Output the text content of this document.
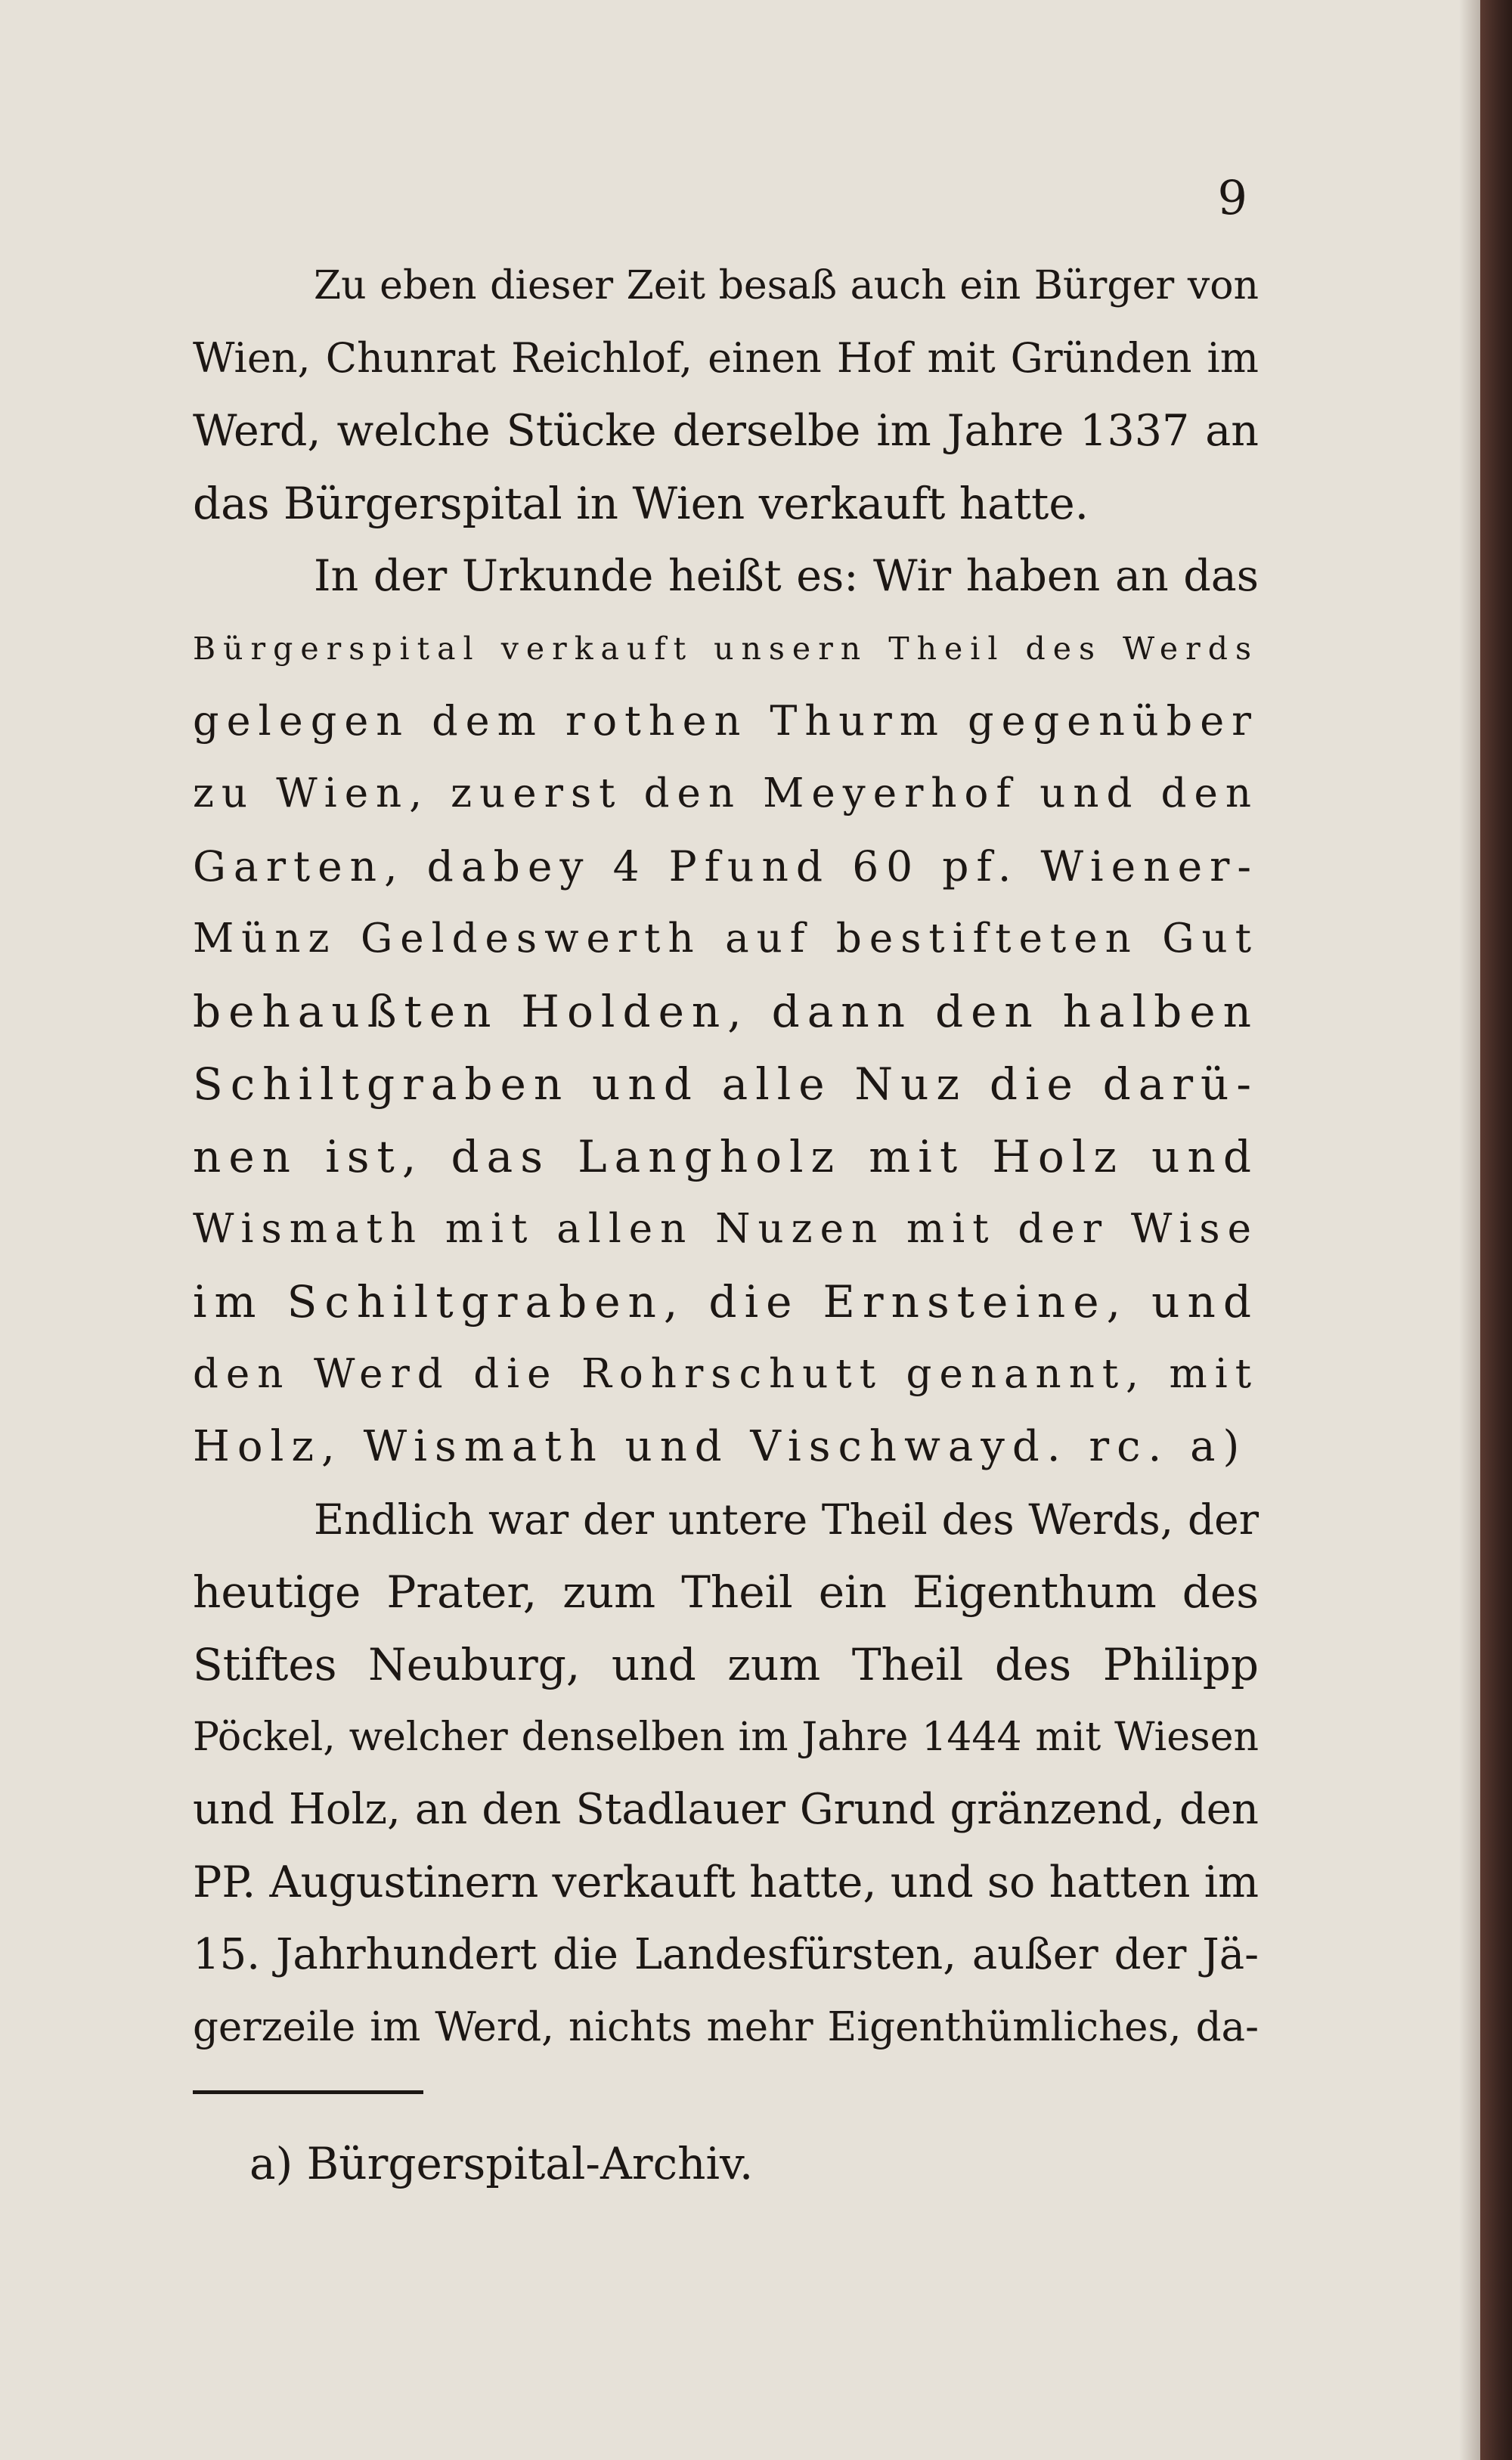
9
Zu eben dieser Zeit besaß auch ein Bürger von
Wien, Chunrat Reichlof, einen Hof mit Gründen im
Werd, welche Stücke derselbe im Jahre 1337 an
das Bürgerspital in Wien verkauft hatte.
In der Urkunde heißt es: Wir haben an das
Bürgerspital verkauft unsern Theil des Werds
gelegen dem rothen Thurm gegenüber
zu Wien, zuerst den Meyerhof und den
Garten, dabey 4 Pfund 60 pf. Wiener-
Münz Geldeswerth auf bestifteten Gut
behaußten Holden, dann den halben
Schiltgraben und alle Nuz die darü-
nen ist, das Langholz mit Holz und
Wismath mit allen Nuzen mit der Wise
im Schiltgraben, die Ernsteine, und
den Werd die Rohrschutt genannt, mit
Holz, Wismath und Vischwayd. rc. a)
Endlich war der untere Theil des Werds, der
heutige Prater, zum Theil ein Eigenthum des
Stiftes Neuburg, und zum Theil des Philipp
Pöckel, welcher denselben im Jahre 1444 mit Wiesen
und Holz, an den Stadlauer Grund gränzend, den
PP. Augustinern verkauft hatte, und so hatten im
15. Jahrhundert die Landesfürsten, außer der Jä-
gerzeile im Werd, nichts mehr Eigenthümliches, da-
a) Bürgerspital-Archiv.
